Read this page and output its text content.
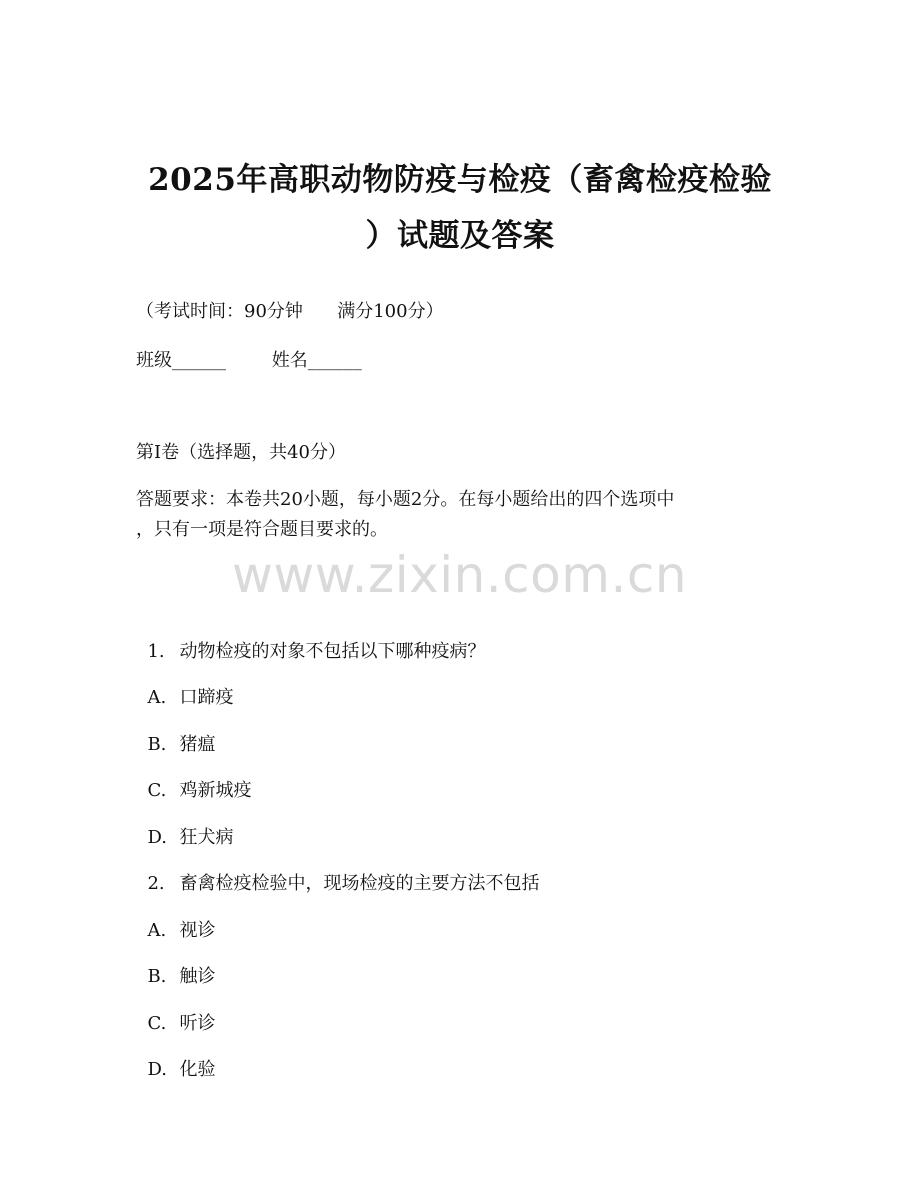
2025年高职动物防疫与检疫（畜禽检疫检验
）试题及答案
（考试时间：90分钟      满分100分）
班级______        姓名______
第I卷（选择题，共40分）
答题要求：本卷共20小题，每小题2分。在每小题给出的四个选项中
，只有一项是符合题目要求的。
www.zixin.com.cn

1. 动物检疫的对象不包括以下哪种疫病？

A. 口蹄疫

B. 猪瘟

C. 鸡新城疫

D. 狂犬病

2. 畜禽检疫检验中，现场检疫的主要方法不包括

A. 视诊

B. 触诊

C. 听诊

D. 化验
